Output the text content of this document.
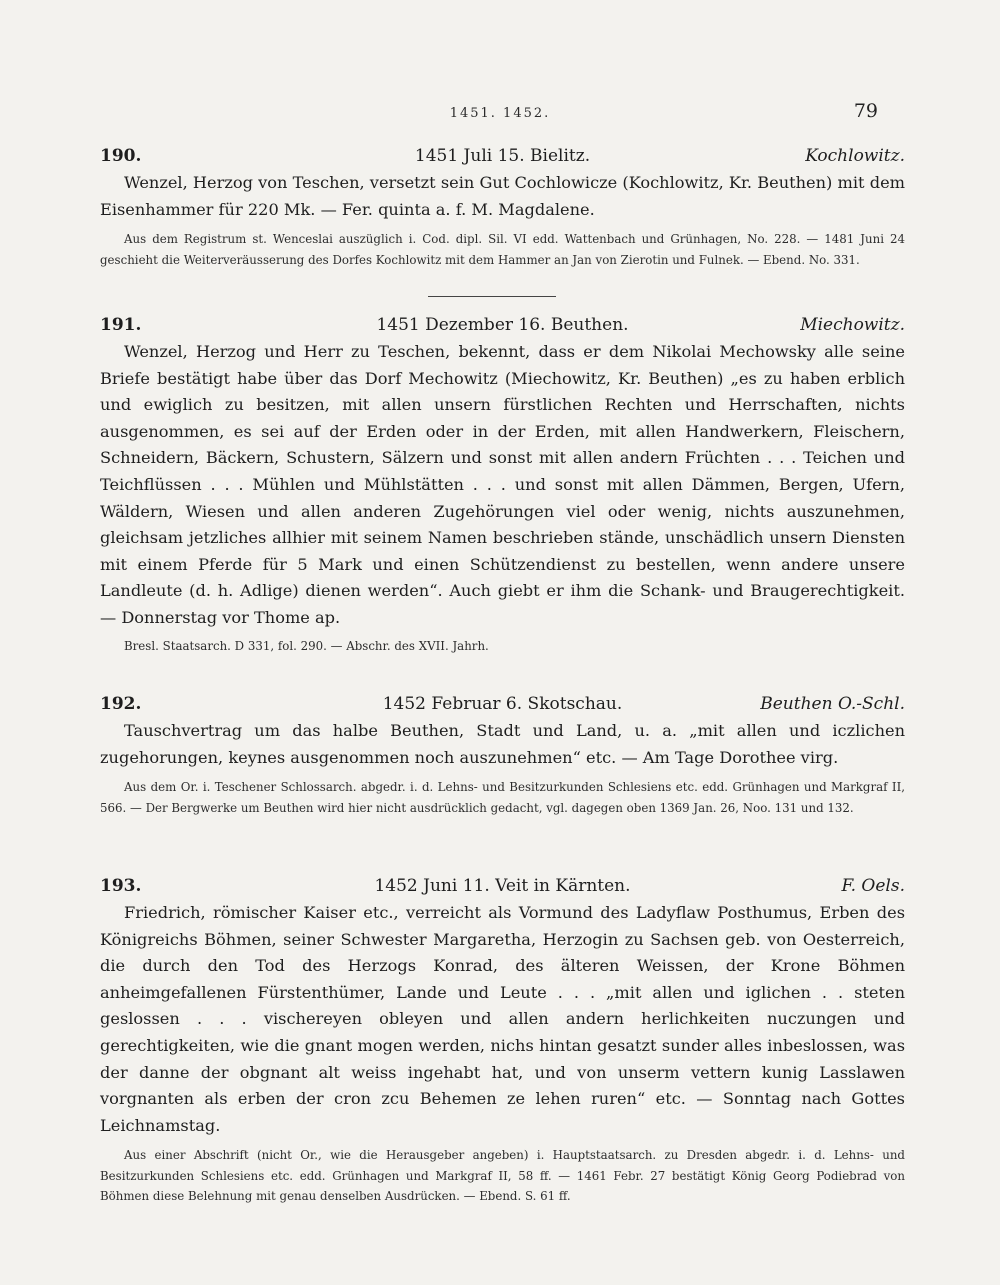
1451. 1452.	79
190.	1451 Juli 15. Bielitz.	Kochlowitz.

Wenzel, Herzog von Teschen, versetzt sein Gut Cochlowicze (Kochlowitz, Kr. Beuthen) mit dem Eisenhammer für 220 Mk. — Fer. quinta a. f. M. Magdalene.

Aus dem Registrum st. Wenceslai auszüglich i. Cod. dipl. Sil. VI edd. Wattenbach und Grünhagen, No. 228. — 1481 Juni 24 geschieht die Weiterveräusserung des Dorfes Kochlowitz mit dem Hammer an Jan von Zierotin und Fulnek. — Ebend. No. 331.

191.	1451 Dezember 16. Beuthen.	Miechowitz.

Wenzel, Herzog und Herr zu Teschen, bekennt, dass er dem Nikolai Mechowsky alle seine Briefe bestätigt habe über das Dorf Mechowitz (Miechowitz, Kr. Beuthen) „es zu haben erblich und ewiglich zu besitzen, mit allen unsern fürstlichen Rechten und Herrschaften, nichts ausgenommen, es sei auf der Erden oder in der Erden, mit allen Handwerkern, Fleischern, Schneidern, Bäckern, Schustern, Sälzern und sonst mit allen andern Früchten . . . Teichen und Teichflüssen . . . Mühlen und Mühlstätten . . . und sonst mit allen Dämmen, Bergen, Ufern, Wäldern, Wiesen und allen anderen Zugehörungen viel oder wenig, nichts auszunehmen, gleichsam jetzliches allhier mit seinem Namen beschrieben stände, unschädlich unsern Diensten mit einem Pferde für 5 Mark und einen Schützendienst zu bestellen, wenn andere unsere Landleute (d. h. Adlige) dienen werden“. Auch giebt er ihm die Schank- und Braugerechtigkeit. — Donnerstag vor Thome ap.

Bresl. Staatsarch. D 331, fol. 290. — Abschr. des XVII. Jahrh.

192.	1452 Februar 6. Skotschau.	Beuthen O.-Schl.

Tauschvertrag um das halbe Beuthen, Stadt und Land, u. a. „mit allen und iczlichen zugehorungen, keynes ausgenommen noch auszunehmen“ etc. — Am Tage Dorothee virg.

Aus dem Or. i. Teschener Schlossarch. abgedr. i. d. Lehns- und Besitzurkunden Schlesiens etc. edd. Grünhagen und Markgraf II, 566. — Der Bergwerke um Beuthen wird hier nicht ausdrücklich gedacht, vgl. dagegen oben 1369 Jan. 26, Noo. 131 und 132.

193.	1452 Juni 11. Veit in Kärnten.	F. Oels.

Friedrich, römischer Kaiser etc., verreicht als Vormund des Ladyflaw Posthumus, Erben des Königreichs Böhmen, seiner Schwester Margaretha, Herzogin zu Sachsen geb. von Oesterreich, die durch den Tod des Herzogs Konrad, des älteren Weissen, der Krone Böhmen anheimgefallenen Fürstenthümer, Lande und Leute . . . „mit allen und iglichen . . steten geslossen . . . vischereyen obleyen und allen andern herlichkeiten nuczungen und gerechtigkeiten, wie die gnant mogen werden, nichs hintan gesatzt sunder alles inbeslossen, was der danne der obgnant alt weiss ingehabt hat, und von unserm vettern kunig Lasslawen vorgnanten als erben der cron zcu Behemen ze lehen ruren“ etc. — Sonntag nach Gottes Leichnamstag.

Aus einer Abschrift (nicht Or., wie die Herausgeber angeben) i. Hauptstaatsarch. zu Dresden abgedr. i. d. Lehns- und Besitzurkunden Schlesiens etc. edd. Grünhagen und Markgraf II, 58 ff. — 1461 Febr. 27 bestätigt König Georg Podiebrad von Böhmen diese Belehnung mit genau denselben Ausdrücken. — Ebend. S. 61 ff.
